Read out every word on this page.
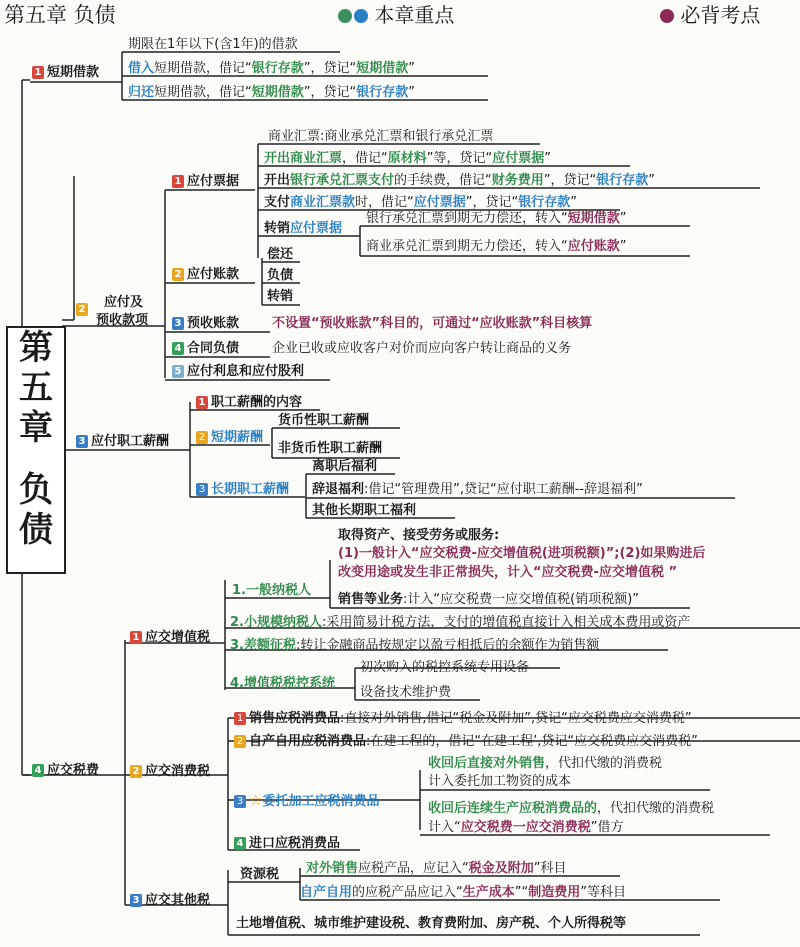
第五章 负债	本章重点	必背考点
第
五
章
负
债
1 短期借款
期限在1年以下(含1年)的借款
借入短期借款，借记“银行存款”，贷记“短期借款”
归还短期借款，借记“短期借款”，贷记“银行存款”
2 应付及
预收款项
1 应付票据
商业汇票:商业承兑汇票和银行承兑汇票
开出商业汇票，借记“原材料”等，贷记“应付票据”
开出银行承兑汇票支付的手续费，借记“财务费用”，贷记“银行存款”
支付商业汇票款时，借记“应付票据”，贷记“银行存款”
转销应付票据
银行承兑汇票到期无力偿还，转入“短期借款”
商业承兑汇票到期无力偿还，转入“应付账款”
2 应付账款
偿还
负债
转销
3 预收账款	不设置“预收账款”科目的，可通过“应收账款”科目核算
4 合同负债	企业已收或应收客户对价而应向客户转让商品的义务
5 应付利息和应付股利
3 应付职工薪酬
1 职工薪酬的内容
2 短期薪酬
货币性职工薪酬
非货币性职工薪酬
3 长期职工薪酬
离职后福利
辞退福利:借记“管理费用”,贷记“应付职工薪酬--辞退福利”
其他长期职工福利
4 应交税费
1 应交增值税
1.一般纳税人
取得资产、接受劳务或服务:
(1)一般计入“应交税费-应交增值税(进项税额)”;(2)如果购进后
改变用途或发生非正常损失，计入“应交税费-应交增值税 ”
销售等业务:计入“应交税费一应交增值税(销项税额)”
2.小规模纳税人:采用简易计税方法，支付的增值税直接计入相关成本费用或资产
3.差额征税:转让金融商品按规定以盈亏相抵后的余额作为销售额
4.增值税税控系统
初次购入的税控系统专用设备
设备技术维护费
2 应交消费税
1 销售应税消费品:直接对外销售,借记“税金及附加”,贷记“应交税费应交消费税”
2 自产自用应税消费品:在建工程的，借记“在建工程’,贷记“应交税费应交消费税”
3 ☆委托加工应税消费品
收回后直接对外销售，代扣代缴的消费税
计入委托加工物资的成本
收回后连续生产应税消费品的，代扣代缴的消费税
计入“应交税费一应交消费税”借方
4 进口应税消费品
3 应交其他税
资源税 对外销售应税产品，应记入“税金及附加”科目
自产自用的应税产品应记入“生产成本”“制造费用”等科目
土地增值税、城市维护建设税、教育费附加、房产税、个人所得税等
